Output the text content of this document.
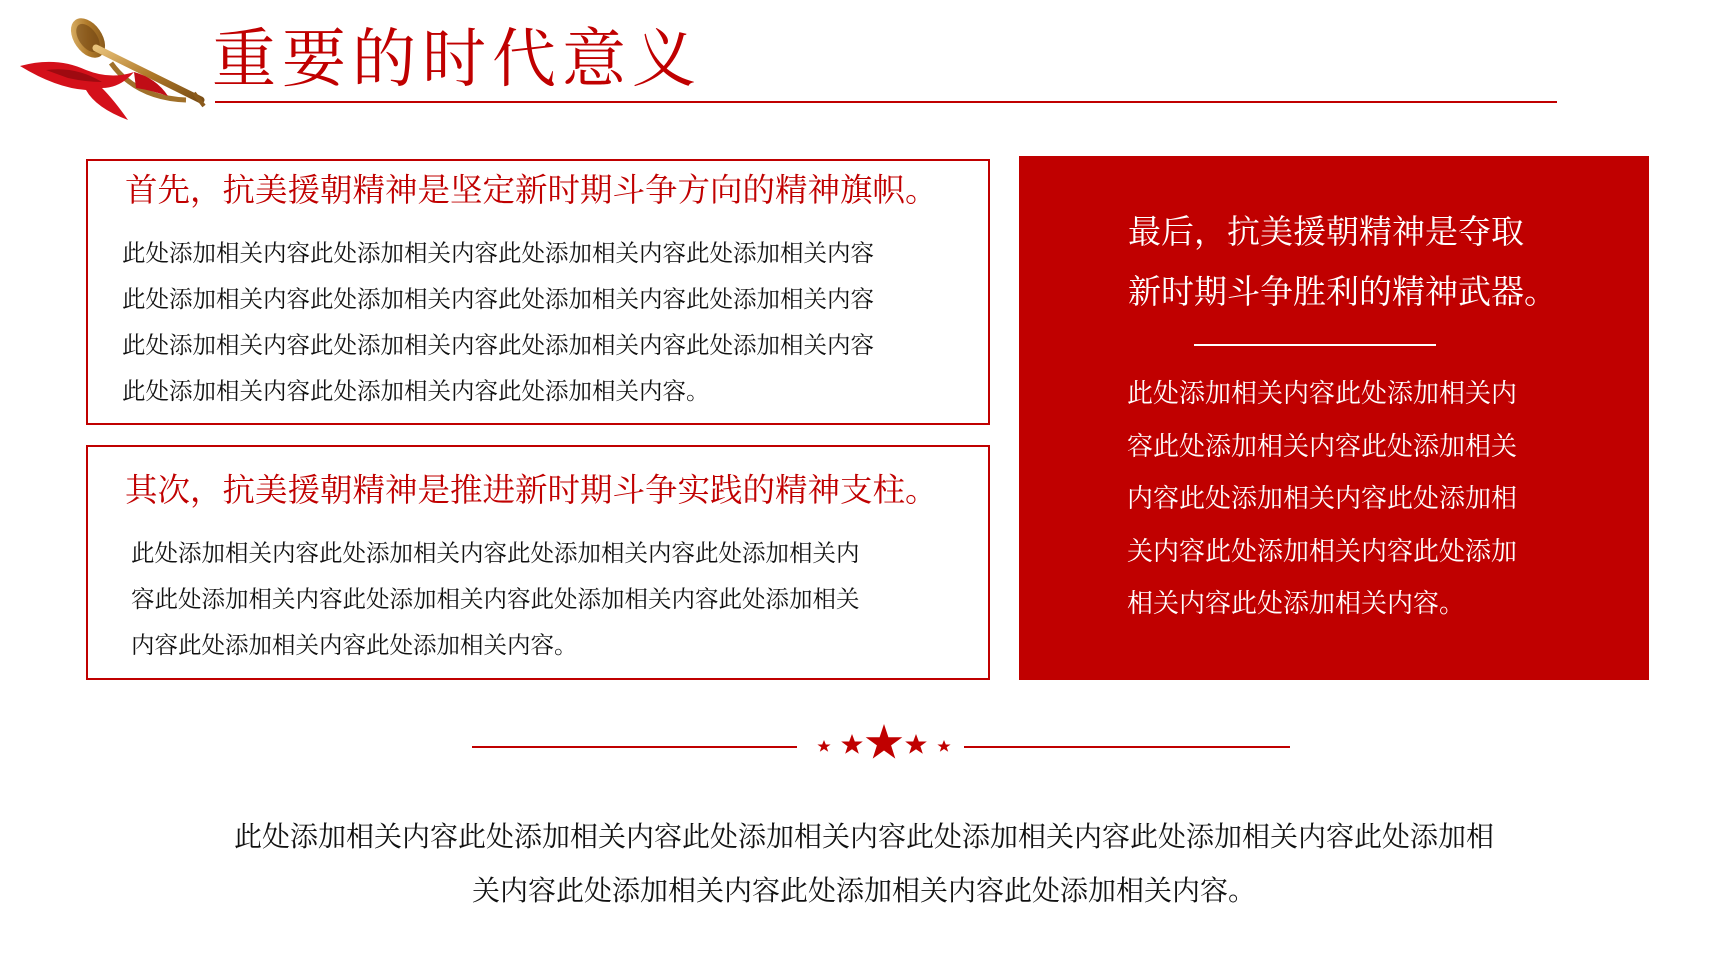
重要的时代意义
首先，抗美援朝精神是坚定新时期斗争方向的精神旗帜。
此处添加相关内容此处添加相关内容此处添加相关内容此处添加相关内容
此处添加相关内容此处添加相关内容此处添加相关内容此处添加相关内容
此处添加相关内容此处添加相关内容此处添加相关内容此处添加相关内容
此处添加相关内容此处添加相关内容此处添加相关内容。
其次，抗美援朝精神是推进新时期斗争实践的精神支柱。
此处添加相关内容此处添加相关内容此处添加相关内容此处添加相关内
容此处添加相关内容此处添加相关内容此处添加相关内容此处添加相关
内容此处添加相关内容此处添加相关内容。
最后，抗美援朝精神是夺取
新时期斗争胜利的精神武器。
此处添加相关内容此处添加相关内
容此处添加相关内容此处添加相关
内容此处添加相关内容此处添加相
关内容此处添加相关内容此处添加
相关内容此处添加相关内容。
此处添加相关内容此处添加相关内容此处添加相关内容此处添加相关内容此处添加相关内容此处添加相
关内容此处添加相关内容此处添加相关内容此处添加相关内容。
